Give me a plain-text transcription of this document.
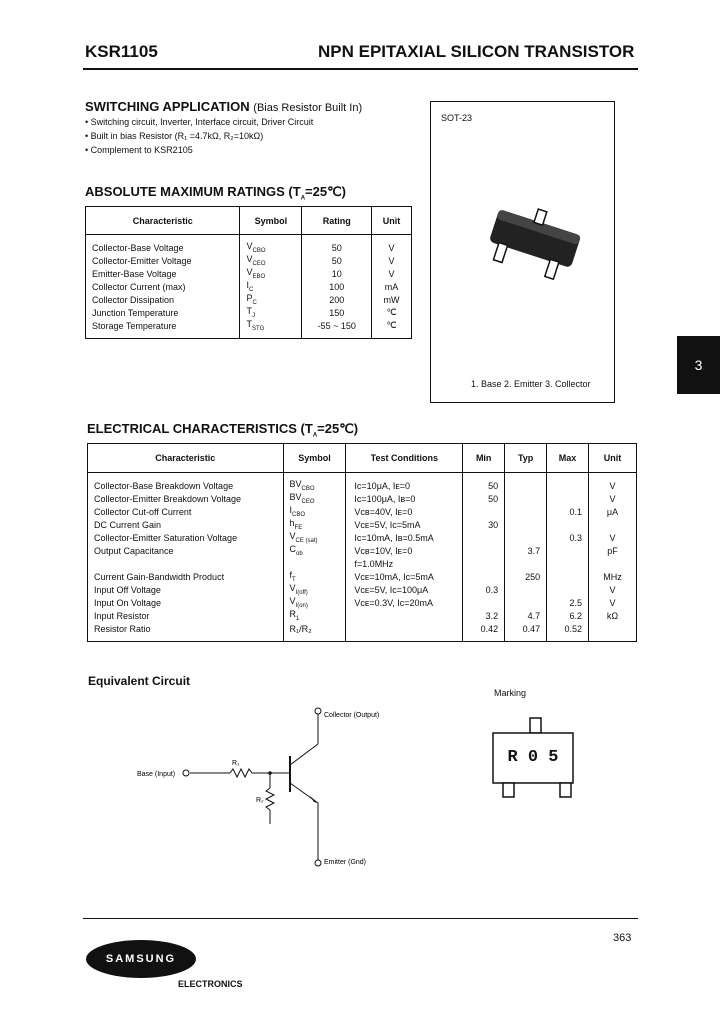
KSR1105	NPN EPITAXIAL SILICON TRANSISTOR
SWITCHING APPLICATION (Bias Resistor Built In)
• Switching circuit, Inverter, Interface circuit, Driver Circuit
• Built in bias Resistor (R₁ =4.7kΩ, R₂=10kΩ)
• Complement to KSR2105
ABSOLUTE MAXIMUM RATINGS $(T_A=25℃)$
Characteristic	Symbol	Rating	Unit

Collector-Base Voltage	$V_{CBO}$	50	V
Collector-Emitter Voltage	$V_{CEO}$	50	V
Emitter-Base Voltage	$V_{EBO}$	10	V
Collector Current (max)	$I_C$	100	mA
Collector Dissipation	$P_C$	200	mW
Junction Temperature	$T_J$	150	℃
Storage Temperature	$T_{STG}$	-55 ~ 150	℃

SOT-23
1. Base 2. Emitter 3. Collector
3
ELECTRICAL CHARACTERISTICS $(T_A=25℃)$
Characteristic	Symbol	Test Conditions	Min	Typ	Max	Unit

Collector-Base Breakdown Voltage	$BV_{CBO}$	Iᴄ=10μA, Iᴇ=0	50			V
Collector-Emitter Breakdown Voltage	$BV_{CEO}$	Iᴄ=100μA, Iʙ=0	50			V
Collector Cut-off Current	$I_{CBO}$	Vᴄʙ=40V, Iᴇ=0			0.1	μA
DC Current Gain	$h_{FE}$	Vᴄᴇ=5V, Iᴄ=5mA	30			
Collector-Emitter Saturation Voltage	$V_{CE (sat)}$	Iᴄ=10mA, Iʙ=0.5mA			0.3	V
Output Capacitance	$C_{ob}$	Vᴄʙ=10V, Iᴇ=0		3.7		pF
		f=1.0MHz				
Current Gain-Bandwidth Product	$f_T$	Vᴄᴇ=10mA, Iᴄ=5mA		250		MHz
Input Off Voltage	$V_{I(off)}$	Vᴄᴇ=5V, Iᴄ=100μA	0.3			V
Input On Voltage	$V_{I(on)}$	Vᴄᴇ=0.3V, Iᴄ=20mA			2.5	V
Input Resistor	$R_1$		3.2	4.7	6.2	kΩ
Resistor Ratio	R₁/R₂		0.42	0.47	0.52	

Equivalent Circuit
Collector (Output)
Base (Input)
Emitter (Gnd)
R₁
R₂
Marking
R 0 5
363
SAMSUNG
ELECTRONICS
